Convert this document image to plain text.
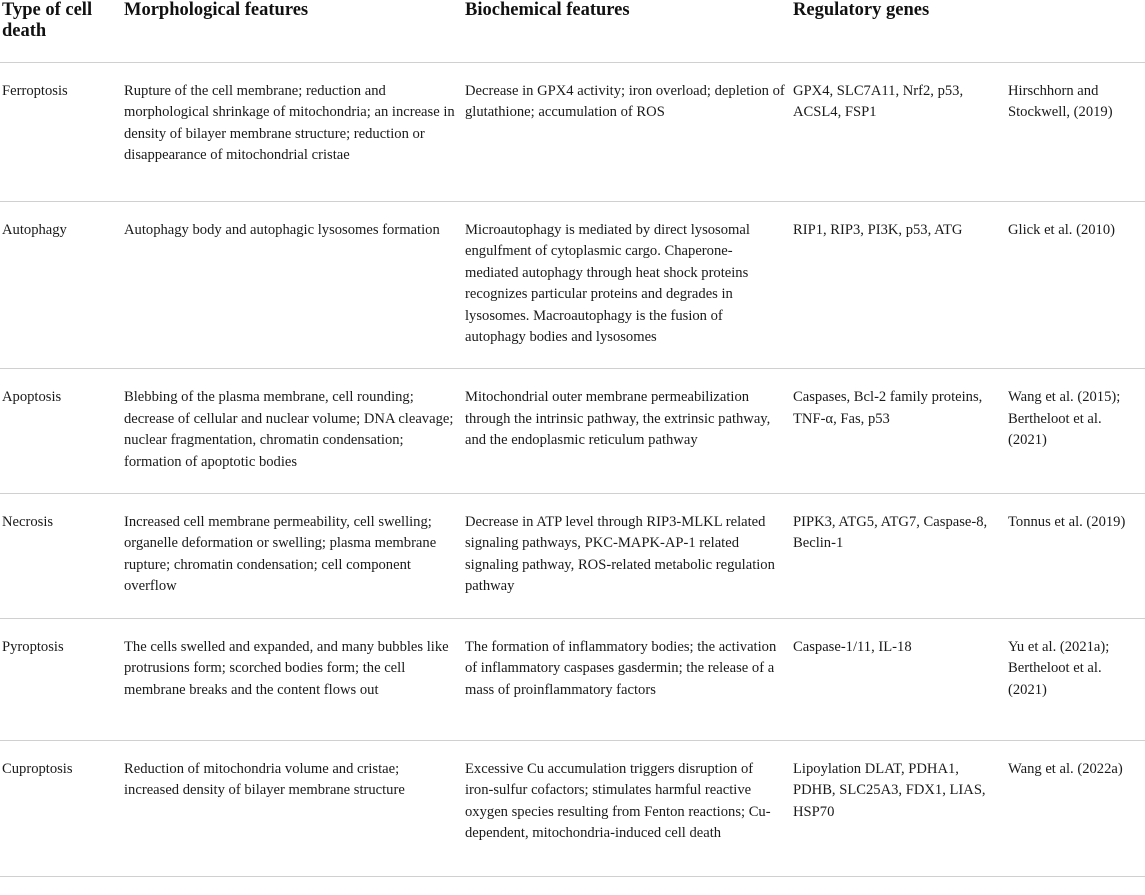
Type of cell death	Morphological features	Biochemical features	Regulatory genes	
Ferroptosis	Rupture of the cell membrane; reduction and morphological shrinkage of mitochondria; an increase in density of bilayer membrane structure; reduction or disappearance of mitochondrial cristae	Decrease in GPX4 activity; iron overload; depletion of glutathione; accumulation of ROS	GPX4, SLC7A11, Nrf2, p53, ACSL4, FSP1	Hirschhorn and Stockwell, (2019)
Autophagy	Autophagy body and autophagic lysosomes formation	Microautophagy is mediated by direct lysosomal engulfment of cytoplasmic cargo. Chaperone-mediated autophagy through heat shock proteins recognizes particular proteins and degrades in lysosomes. Macroautophagy is the fusion of autophagy bodies and lysosomes	RIP1, RIP3, PI3K, p53, ATG	Glick et al. (2010)
Apoptosis	Blebbing of the plasma membrane, cell rounding; decrease of cellular and nuclear volume; DNA cleavage; nuclear fragmentation, chromatin condensation; formation of apoptotic bodies	Mitochondrial outer membrane permeabilization through the intrinsic pathway, the extrinsic pathway, and the endoplasmic reticulum pathway	Caspases, Bcl-2 family proteins, TNF-α, Fas, p53	Wang et al. (2015); Bertheloot et al. (2021)
Necrosis	Increased cell membrane permeability, cell swelling; organelle deformation or swelling; plasma membrane rupture; chromatin condensation; cell component overflow	Decrease in ATP level through RIP3-MLKL related signaling pathways, PKC-MAPK-AP-1 related signaling pathway, ROS-related metabolic regulation pathway	PIPK3, ATG5, ATG7, Caspase-8, Beclin-1	Tonnus et al. (2019)
Pyroptosis	The cells swelled and expanded, and many bubbles like protrusions form; scorched bodies form; the cell membrane breaks and the content flows out	The formation of inflammatory bodies; the activation of inflammatory caspases gasdermin; the release of a mass of proinflammatory factors	Caspase-1/11, IL-18	Yu et al. (2021a); Bertheloot et al. (2021)
Cuproptosis	Reduction of mitochondria volume and cristae; increased density of bilayer membrane structure	Excessive Cu accumulation triggers disruption of iron-sulfur cofactors; stimulates harmful reactive oxygen species resulting from Fenton reactions; Cu-dependent, mitochondria-induced cell death	Lipoylation DLAT, PDHA1, PDHB, SLC25A3, FDX1, LIAS, HSP70	Wang et al. (2022a)
